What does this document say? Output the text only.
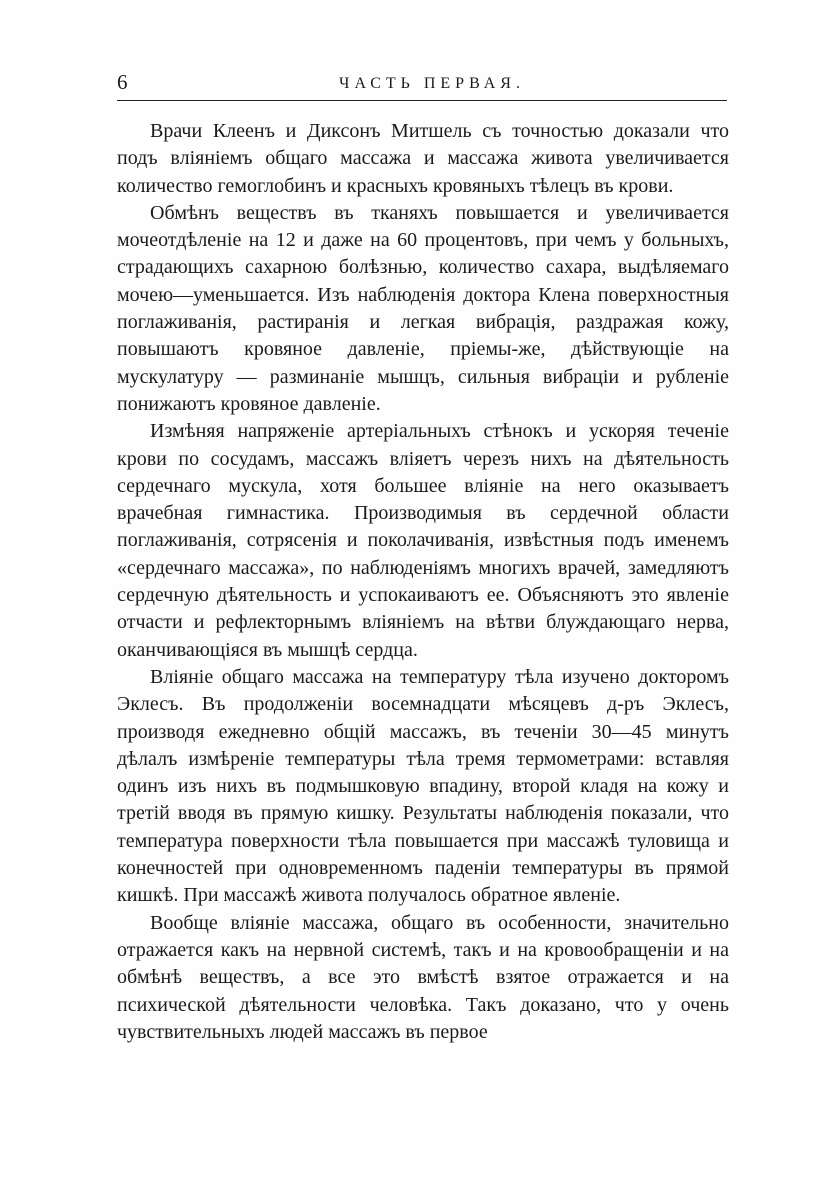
6	ЧАСТЬ ПЕРВАЯ.

Врачи Клеенъ и Диксонъ Митшель съ точностью доказали что подъ вліяніемъ общаго массажа и массажа живота увеличивается количество гемоглобинъ и красныхъ кровяныхъ тѣлецъ въ крови.

Обмѣнъ веществъ въ тканяхъ повышается и увеличивается мочеотдѣленіе на 12 и даже на 60 процентовъ, при чемъ у больныхъ, страдающихъ сахарною болѣзнью, количество сахара, выдѣляемаго мочею—уменьшается. Изъ наблюденія доктора Клена поверхностныя поглаживанія, растиранія и легкая вибрація, раздражая кожу, повышаютъ кровяное давленіе, пріемы-же, дѣйствующіе на мускулатуру — разминаніе мышцъ, сильныя вибраціи и рубленіе понижаютъ кровяное давленіе.

Измѣняя напряженіе артеріальныхъ стѣнокъ и ускоряя теченіе крови по сосудамъ, массажъ вліяетъ черезъ нихъ на дѣятельность сердечнаго мускула, хотя большее вліяніе на него оказываетъ врачебная гимнастика. Производимыя въ сердечной области поглаживанія, сотрясенія и поколачиванія, извѣстныя подъ именемъ «сердечнаго массажа», по наблюденіямъ многихъ врачей, замедляютъ сердечную дѣятельность и успокаиваютъ ее. Объясняютъ это явленіе отчасти и рефлекторнымъ вліяніемъ на вѣтви блуждающаго нерва, оканчивающіяся въ мышцѣ сердца.

Вліяніе общаго массажа на температуру тѣла изучено докторомъ Эклесъ. Въ продолженіи восемнадцати мѣсяцевъ д-ръ Эклесъ, производя ежедневно общій массажъ, въ теченіи 30—45 минутъ дѣлалъ измѣреніе температуры тѣла тремя термометрами: вставляя одинъ изъ нихъ въ подмышковую впадину, второй кладя на кожу и третій вводя въ прямую кишку. Результаты наблюденія показали, что температура поверхности тѣла повышается при массажѣ туловища и конечностей при одновременномъ паденіи температуры въ прямой кишкѣ. При массажѣ живота получалось обратное явленіе.

Вообще вліяніе массажа, общаго въ особенности, значительно отражается какъ на нервной системѣ, такъ и на кровообращеніи и на обмѣнѣ веществъ, а все это вмѣстѣ взятое отражается и на психической дѣятельности человѣка. Такъ доказано, что у очень чувствительныхъ людей массажъ въ первое
